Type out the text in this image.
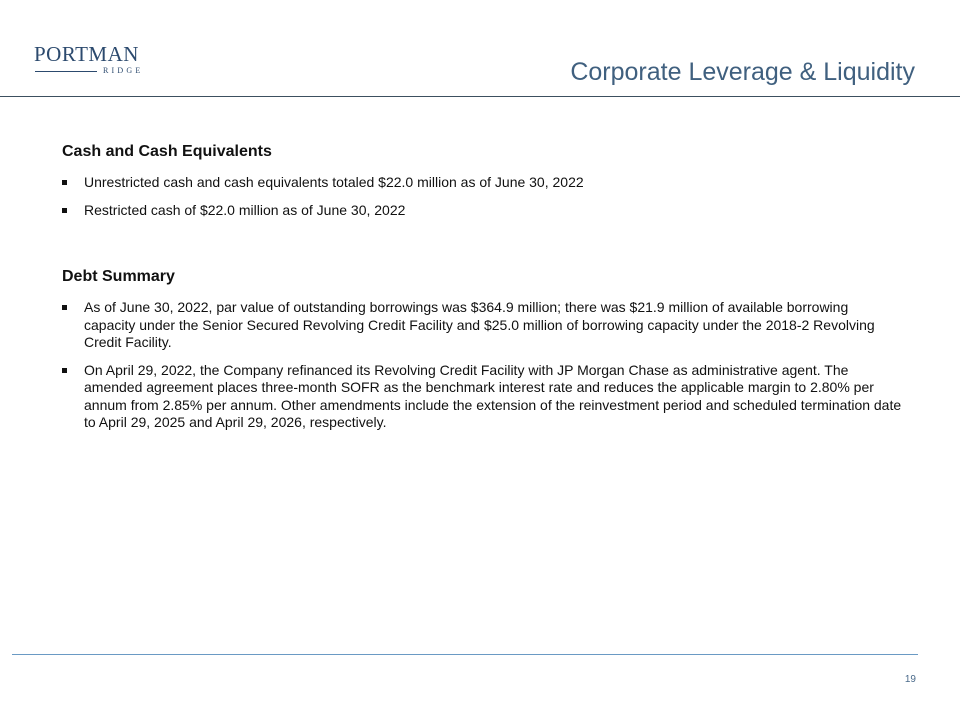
PORTMAN
RIDGE	Corporate Leverage & Liquidity
Cash and Cash Equivalents
Unrestricted cash and cash equivalents totaled $22.0 million as of June 30, 2022
Restricted cash of $22.0 million as of June 30, 2022
Debt Summary
As of June 30, 2022, par value of outstanding borrowings was $364.9 million; there was $21.9 million of available borrowing capacity under the Senior Secured Revolving Credit Facility and $25.0 million of borrowing capacity under the 2018-2 Revolving Credit Facility.
On April 29, 2022, the Company refinanced its Revolving Credit Facility with JP Morgan Chase as administrative agent. The amended agreement places three-month SOFR as the benchmark interest rate and reduces the applicable margin to 2.80% per annum from 2.85% per annum. Other amendments include the extension of the reinvestment period and scheduled termination date to April 29, 2025 and April 29, 2026, respectively.
19
